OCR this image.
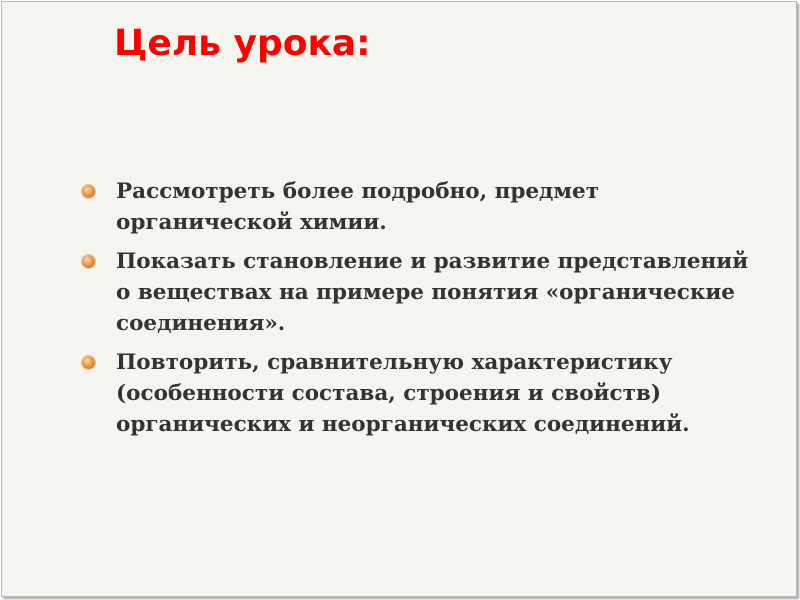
Цель урока:
Рассмотреть более подробно, предмет
органической химии.
Показать становление и развитие представлений
о веществах на примере понятия «органические
соединения».
Повторить, сравнительную характеристику
(особенности состава, строения и свойств)
органических и неорганических соединений.
